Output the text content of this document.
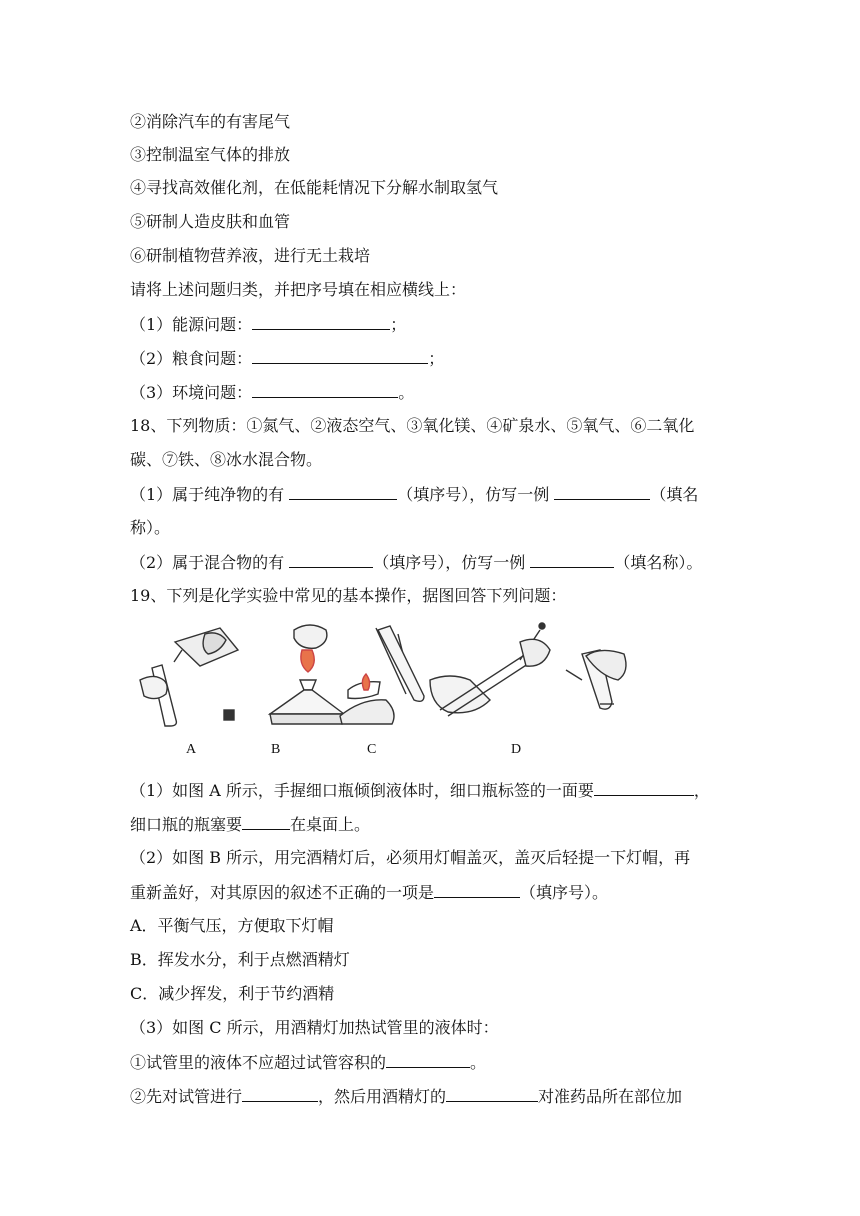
②消除汽车的有害尾气
③控制温室气体的排放
④寻找高效催化剂，在低能耗情况下分解水制取氢气
⑤研制人造皮肤和血管
⑥研制植物营养液，进行无土栽培
请将上述问题归类，并把序号填在相应横线上：
（1）能源问题：	；
（2）粮食问题：	；
（3）环境问题：	。
18、下列物质：①氮气、②液态空气、③氧化镁、④矿泉水、⑤氧气、⑥二氧化
碳、⑦铁、⑧冰水混合物。
（1）属于纯净物的有	（填序号），仿写一例	（填名
称）。
（2）属于混合物的有	（填序号），仿写一例	（填名称）。
19、下列是化学实验中常见的基本操作，据图回答下列问题：
A	B	C	D
（1）如图 A 所示，手握细口瓶倾倒液体时，细口瓶标签的一面要	，
细口瓶的瓶塞要	在桌面上。
（2）如图 B 所示，用完酒精灯后，必须用灯帽盖灭，盖灭后轻提一下灯帽，再
重新盖好，对其原因的叙述不正确的一项是	（填序号）。
A．平衡气压，方便取下灯帽
B．挥发水分，利于点燃酒精灯
C．减少挥发，利于节约酒精
（3）如图 C 所示，用酒精灯加热试管里的液体时：
①试管里的液体不应超过试管容积的	。
②先对试管进行	，然后用酒精灯的	对准药品所在部位加
